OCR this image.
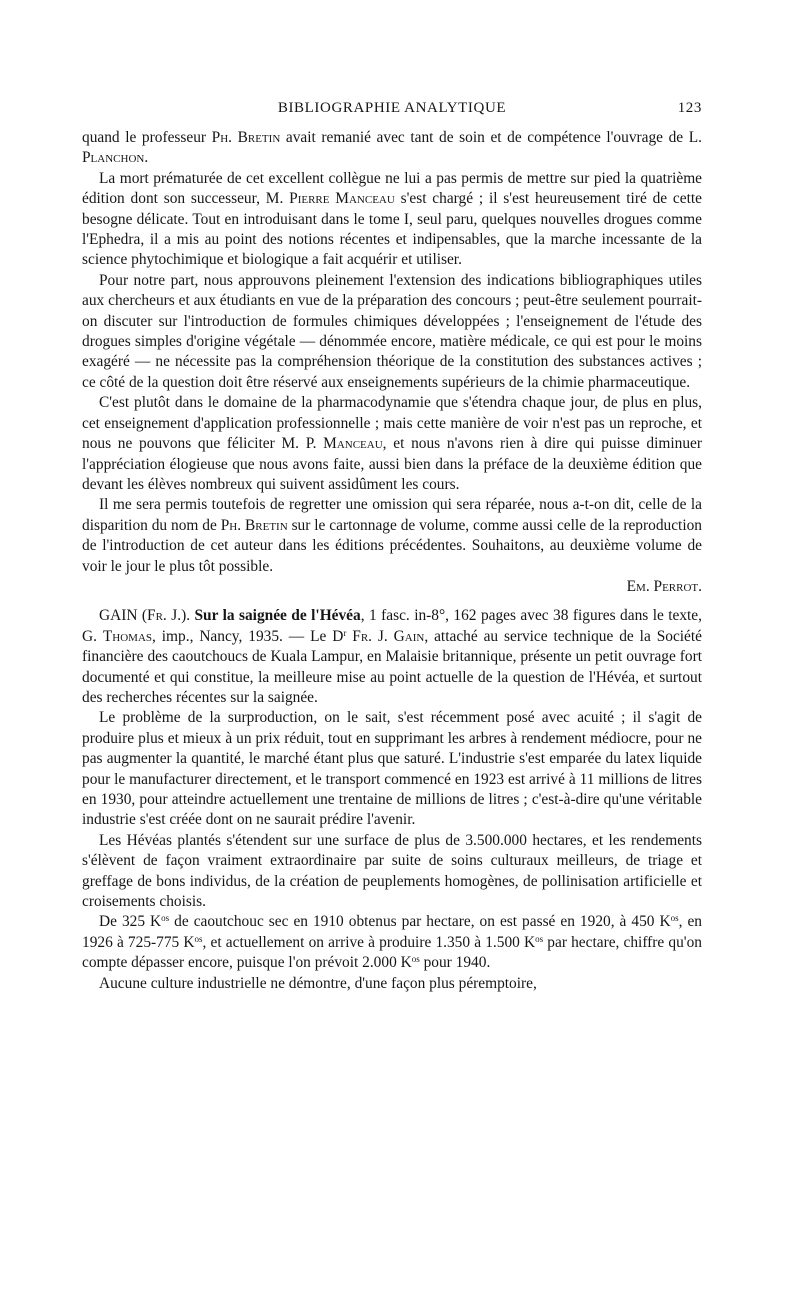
BIBLIOGRAPHIE ANALYTIQUE	123

quand le professeur Ph. Bretin avait remanié avec tant de soin et de compétence l'ouvrage de L. Planchon.

La mort prématurée de cet excellent collègue ne lui a pas permis de mettre sur pied la quatrième édition dont son successeur, M. Pierre Manceau s'est chargé ; il s'est heureusement tiré de cette besogne délicate. Tout en introduisant dans le tome I, seul paru, quelques nouvelles drogues comme l'Ephedra, il a mis au point des notions récentes et indipensables, que la marche incessante de la science phytochimique et biologique a fait acquérir et utiliser.

Pour notre part, nous approuvons pleinement l'extension des indications bibliographiques utiles aux chercheurs et aux étudiants en vue de la préparation des concours ; peut-être seulement pourrait-on discuter sur l'introduction de formules chimiques développées ; l'enseignement de l'étude des drogues simples d'origine végétale — dénommée encore, matière médicale, ce qui est pour le moins exagéré — ne nécessite pas la compréhension théorique de la constitution des substances actives ; ce côté de la question doit être réservé aux enseignements supérieurs de la chimie pharmaceutique.

C'est plutôt dans le domaine de la pharmacodynamie que s'étendra chaque jour, de plus en plus, cet enseignement d'application professionnelle ; mais cette manière de voir n'est pas un reproche, et nous ne pouvons que féliciter M. P. Manceau, et nous n'avons rien à dire qui puisse diminuer l'appréciation élogieuse que nous avons faite, aussi bien dans la préface de la deuxième édition que devant les élèves nombreux qui suivent assidûment les cours.

Il me sera permis toutefois de regretter une omission qui sera réparée, nous a-t-on dit, celle de la disparition du nom de Ph. Bretin sur le cartonnage de volume, comme aussi celle de la reproduction de l'introduction de cet auteur dans les éditions précédentes. Souhaitons, au deuxième volume de voir le jour le plus tôt possible.

Em. Perrot.

GAIN (Fr. J.). Sur la saignée de l'Hévéa, 1 fasc. in-8°, 162 pages avec 38 figures dans le texte, G. Thomas, imp., Nancy, 1935. — Le $D^r$ Fr. J. Gain, attaché au service technique de la Société financière des caoutchoucs de Kuala Lampur, en Malaisie britannique, présente un petit ouvrage fort documenté et qui constitue, la meilleure mise au point actuelle de la question de l'Hévéa, et surtout des recherches récentes sur la saignée.

Le problème de la surproduction, on le sait, s'est récemment posé avec acuité ; il s'agit de produire plus et mieux à un prix réduit, tout en supprimant les arbres à rendement médiocre, pour ne pas augmenter la quantité, le marché étant plus que saturé. L'industrie s'est emparée du latex liquide pour le manufacturer directement, et le transport commencé en 1923 est arrivé à 11 millions de litres en 1930, pour atteindre actuellement une trentaine de millions de litres ; c'est-à-dire qu'une véritable industrie s'est créée dont on ne saurait prédire l'avenir.

Les Hévéas plantés s'étendent sur une surface de plus de 3.500.000 hectares, et les rendements s'élèvent de façon vraiment extraordinaire par suite de soins culturaux meilleurs, de triage et greffage de bons individus, de la création de peuplements homogènes, de pollinisation artificielle et croisements choisis.

De 325 $K^{os}$ de caoutchouc sec en 1910 obtenus par hectare, on est passé en 1920, à 450 $K^{os}$, en 1926 à 725-775 $K^{os}$, et actuellement on arrive à produire 1.350 à 1.500 $K^{os}$ par hectare, chiffre qu'on compte dépasser encore, puisque l'on prévoit 2.000 $K^{os}$ pour 1940.

Aucune culture industrielle ne démontre, d'une façon plus péremptoire,
